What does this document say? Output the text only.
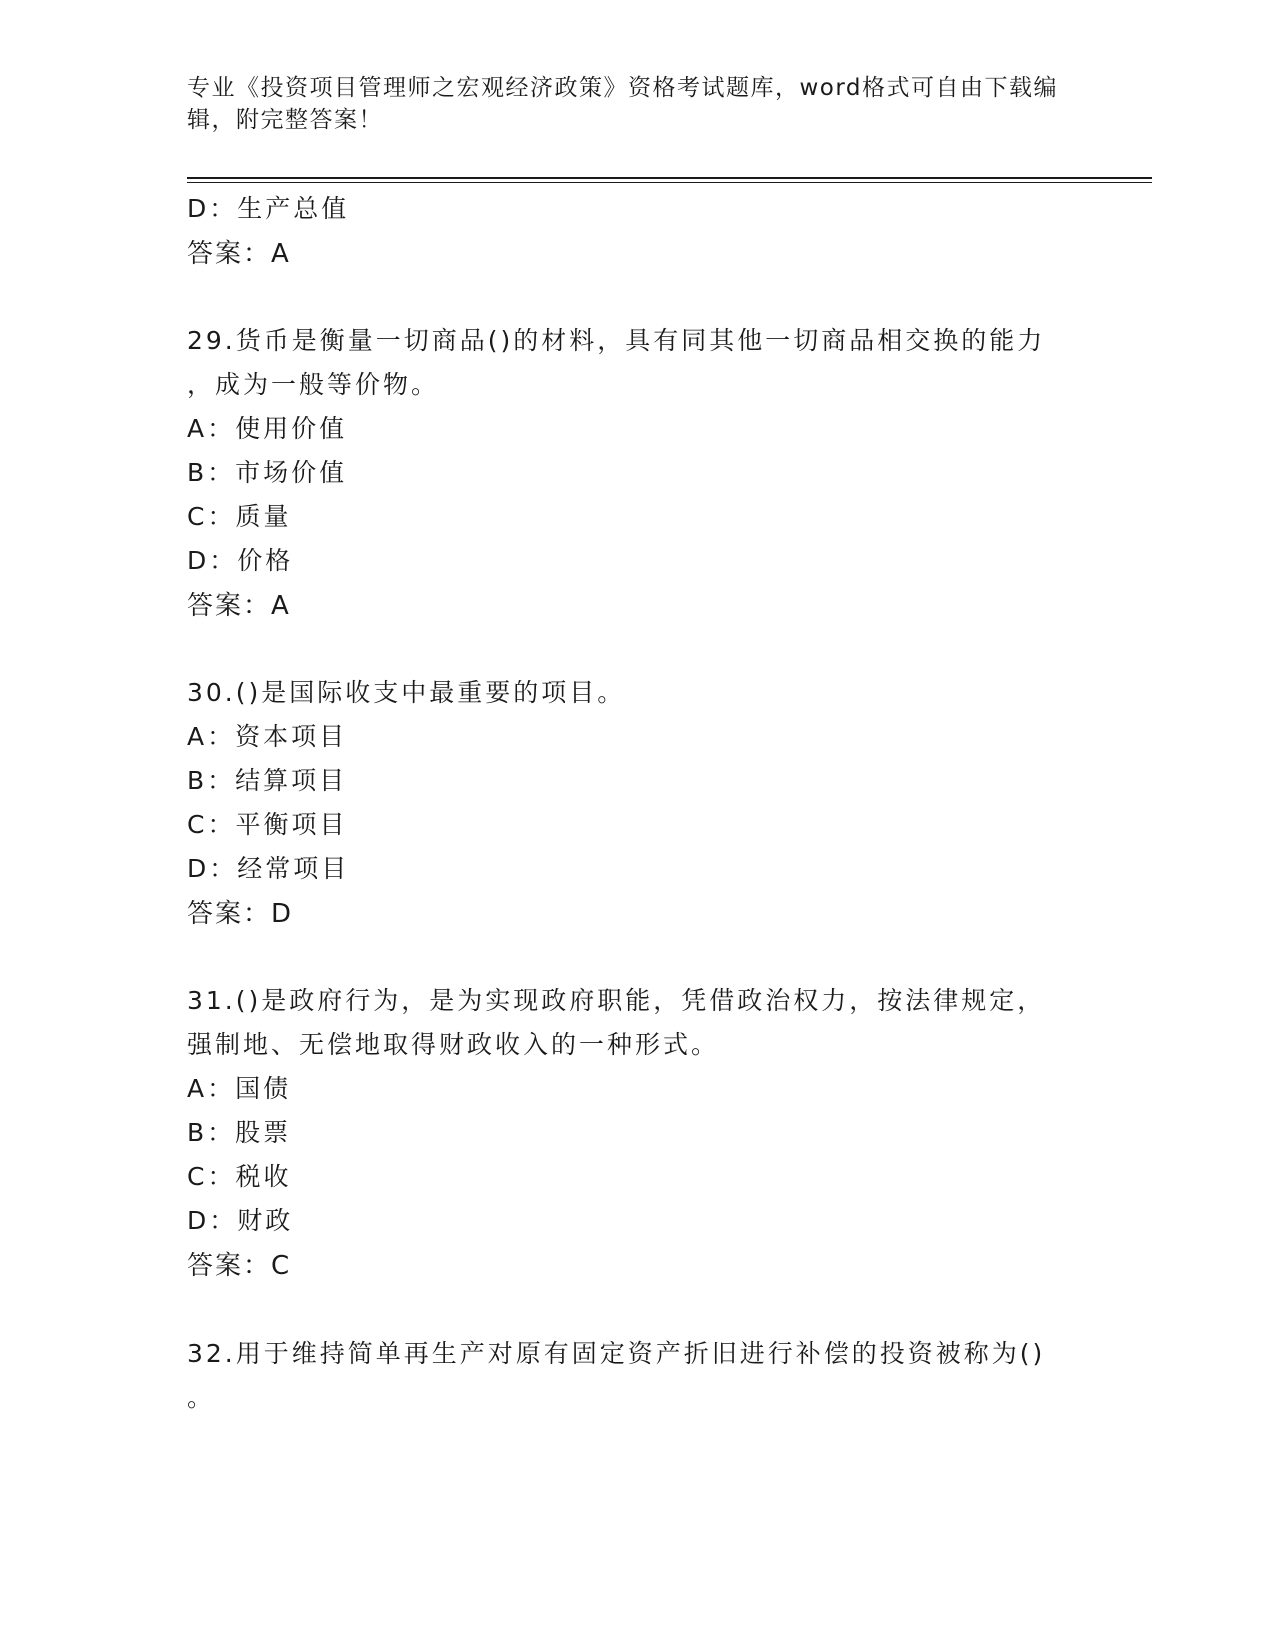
专业《投资项目管理师之宏观经济政策》资格考试题库，word格式可自由下载编辑，附完整答案！
D：生产总值
答案：A
29.货币是衡量一切商品()的材料，具有同其他一切商品相交换的能力
，成为一般等价物。
A：使用价值
B：市场价值
C：质量
D：价格
答案：A
30.()是国际收支中最重要的项目。
A：资本项目
B：结算项目
C：平衡项目
D：经常项目
答案：D
31.()是政府行为，是为实现政府职能，凭借政治权力，按法律规定，
强制地、无偿地取得财政收入的一种形式。
A：国债
B：股票
C：税收
D：财政
答案：C
32.用于维持简单再生产对原有固定资产折旧进行补偿的投资被称为()
。
